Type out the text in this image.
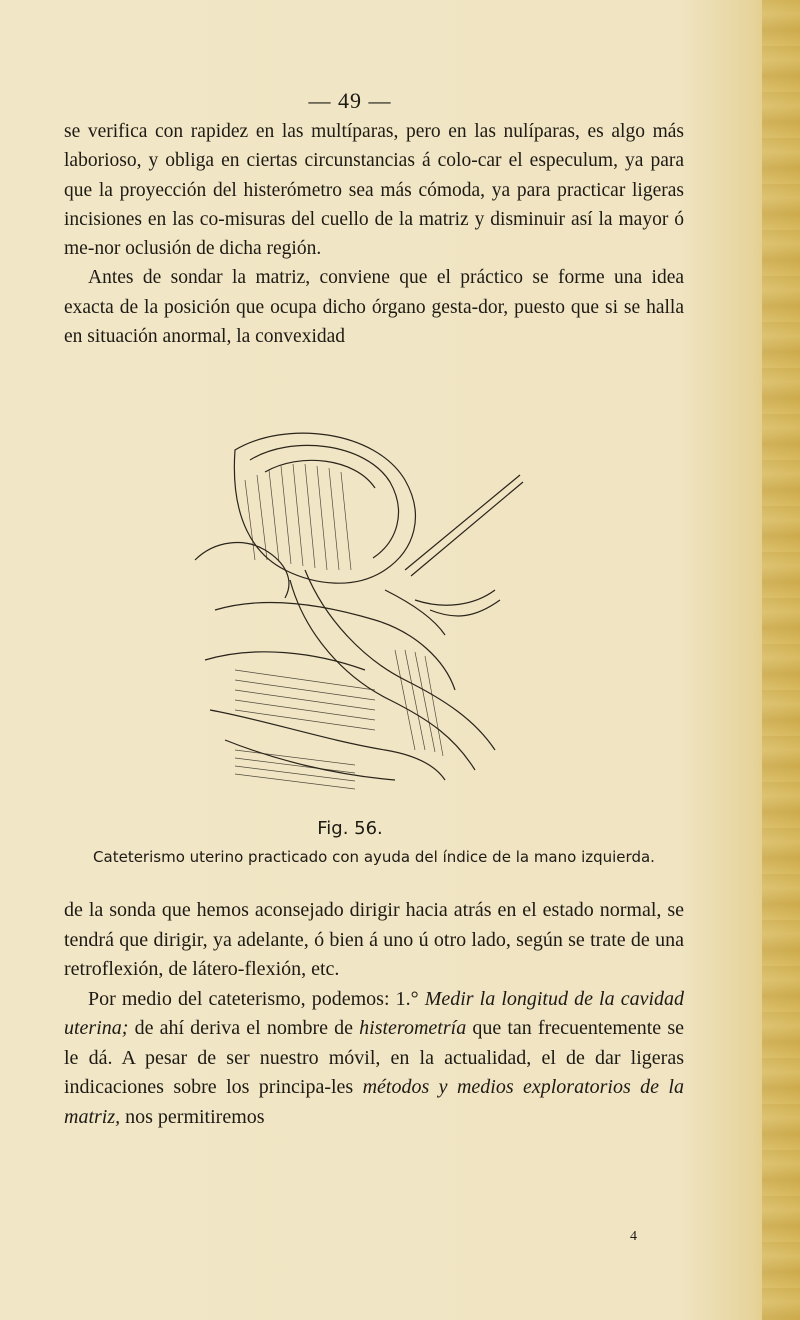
— 49 —

se verifica con rapidez en las multíparas, pero en las nulíparas, es algo más laborioso, y obliga en ciertas circunstancias á colo-car el especulum, ya para que la proyección del histerómetro sea más cómoda, ya para practicar ligeras incisiones en las co-misuras del cuello de la matriz y disminuir así la mayor ó me-nor oclusión de dicha región.

Antes de sondar la matriz, conviene que el práctico se forme una idea exacta de la posición que ocupa dicho órgano gesta-dor, puesto que si se halla en situación anormal, la convexidad

Fig. 56.
Cateterismo uterino practicado con ayuda del índice de la mano izquierda.

de la sonda que hemos aconsejado dirigir hacia atrás en el estado normal, se tendrá que dirigir, ya adelante, ó bien á uno ú otro lado, según se trate de una retroflexión, de látero-flexión, etc.

Por medio del cateterismo, podemos: 1.° Medir la longitud de la cavidad uterina; de ahí deriva el nombre de histerometría que tan frecuentemente se le dá. A pesar de ser nuestro móvil, en la actualidad, el de dar ligeras indicaciones sobre los principa-les métodos y medios exploratorios de la matriz, nos permitiremos

4
